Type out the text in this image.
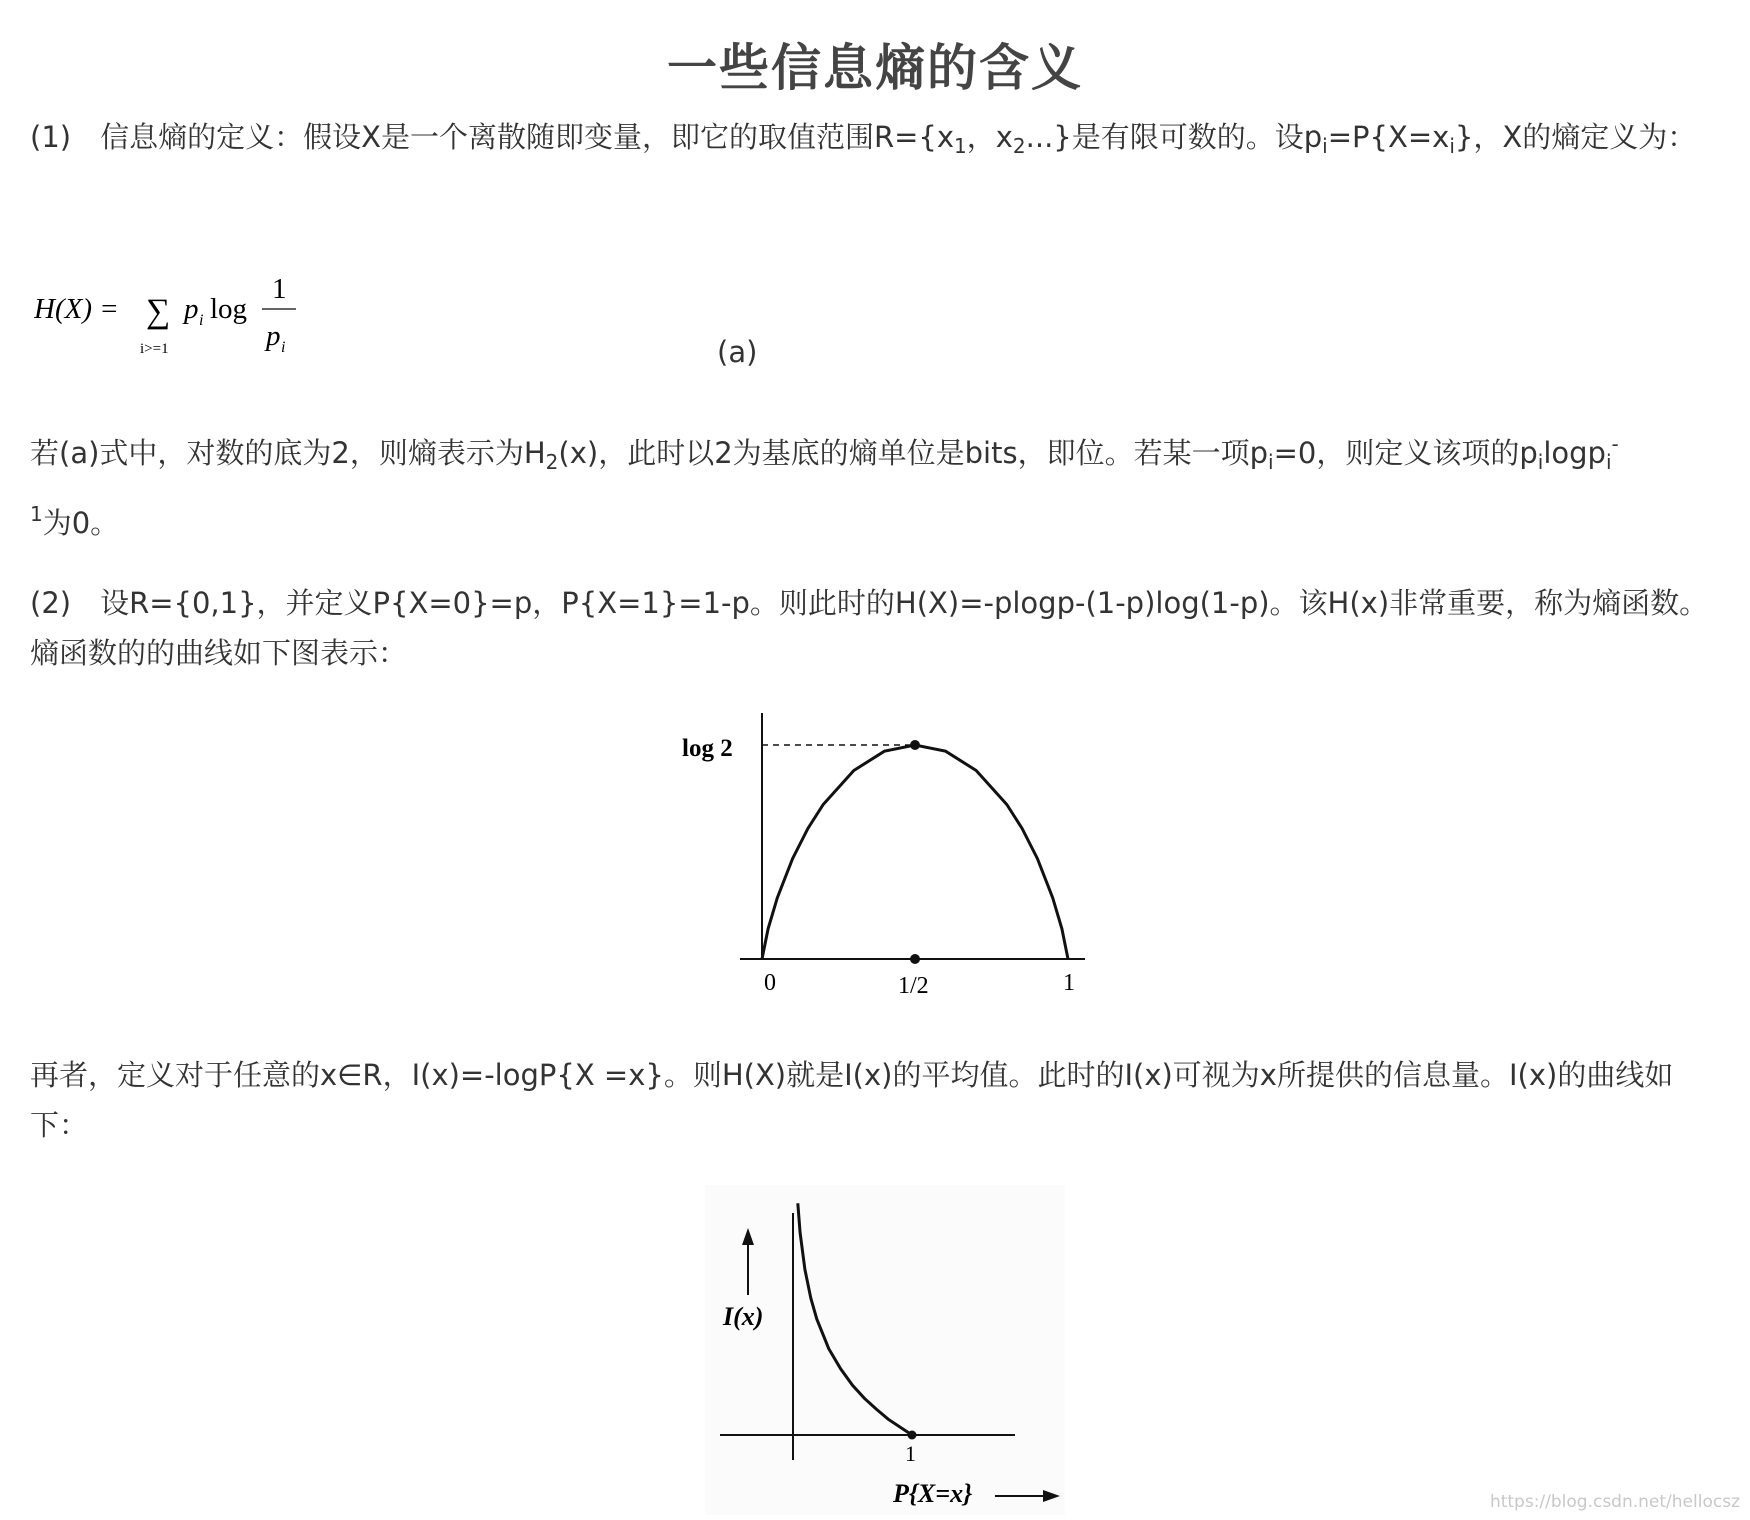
一些信息熵的含义
(1)　信息熵的定义：假设X是一个离散随即变量，即它的取值范围$R=\{x_1$，$x_2$...}是有限可数的。设$p_i=P\{X=x_i\}$，X的熵定义为：
H(X) = ∑
i>=1
p i log
1
p i	(a)
若(a)式中，对数的底为2，则熵表示为$H_2(x)$，此时以2为基底的熵单位是bits，即位。若某一项$p_i=0$，则定义该项的$p_i\log p_i^-$
$^1$为0。
(2)　设R={0,1}，并定义P{X=0}=p，P{X=1}=1-p。则此时的H(X)=-plogp-(1-p)log(1-p)。该H(x)非常重要，称为熵函数。熵函数的的曲线如下图表示：
log 2
0	1/2	1
再者，定义对于任意的x∈R，I(x)=-logP{X =x}。则H(X)就是I(x)的平均值。此时的I(x)可视为x所提供的信息量。I(x)的曲线如下：
I(x)
1
P{X=x}	https://blog.csdn.net/hellocsz
